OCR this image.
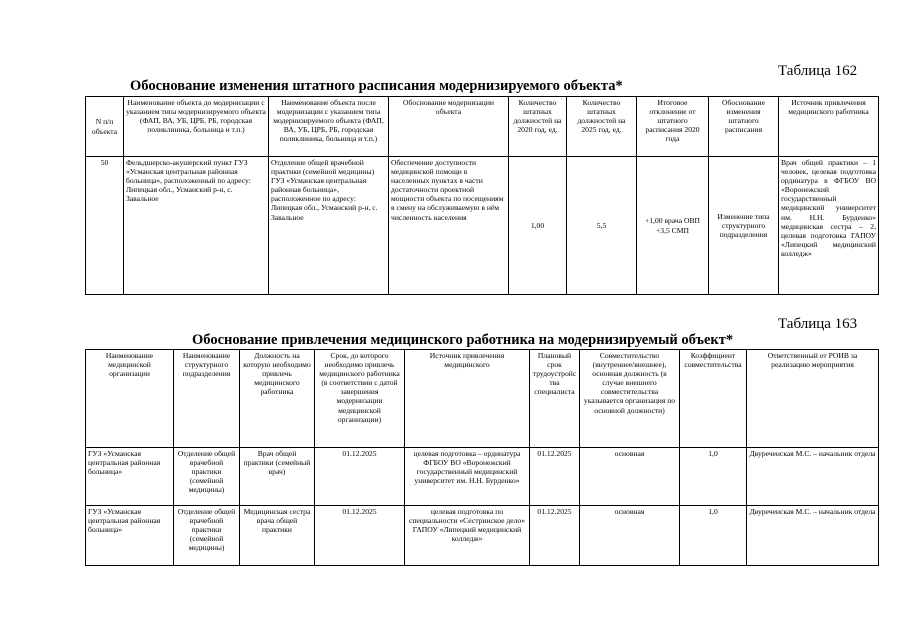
Таблица 162
Обоснование изменения штатного расписания модернизируемого объекта*
N п/п объекта	Наименование объекта до модернизации с указанием типа модернизируемого объекта (ФАП, ВА, УБ, ЦРБ, РБ, городская поликлиника, больница и т.п.)	Наименование объекта после модернизации с указанием типа модернизируемого объекта (ФАП, ВА, УБ, ЦРБ, РБ, городская поликлиника, больница и т.п.)	Обоснование модернизации объекта	Количество штатных должностей на 2020 год, ед.	Количество штатных должностей на 2025 год, ед.	Итоговое отклонение от штатного расписания 2020 года	Обоснование изменения штатного расписания	Источник привлечения медицинского работника
50	Фельдшерско-акушерский пункт ГУЗ «Усманская центральная районная больница», расположенный по адресу: Липецкая обл., Усманский р-н, с. Завальное	Отделение общей врачебной практики (семейной медицины) ГУЗ «Усманская центральная районная больница», расположенное по адресу: Липецкая обл., Усманский р-н, с. Завальное	Обеспечение доступности медицинской помощи в населенных пунктах в части достаточности проектной мощности объекта по посещениям в смену на обслуживаемую в нём численность населения	1,00	5,5	+1,00 врача ОВП +3,5 СМП	Изменение типа структурного подразделения	Врач общей практики – 1 человек, целевая подготовка ординатура в ФГБОУ ВО «Воронежский государственный медицинский университет им. Н.Н. Бурденко» медицинская сестра – 2, целевая подготовка ГАПОУ «Липецкий медицинский колледж»
Таблица 163
Обоснование привлечения медицинского работника на модернизируемый объект*
Наименование медицинской организации	Наименование структурного подразделения	Должность на которую необходимо привлечь медицинского работника	Срок, до которого необходимо привлечь медицинского работника (в соответствии с датой завершения модернизации медицинской организации)	Источник привлечения медицинского	Плановый срок трудоустройства специалиста	Совместительство (внутреннее/внешнее), основная должность (в случае внешнего совместительства указывается организация по основной должности)	Коэффициент совместительства	Ответственный от РОИВ за реализацию мероприятия
ГУЗ «Усманская центральная районная больница»	Отделение общей врачебной практики (семейной медицины)	Врач общей практики (семейный врач)	01.12.2025	целевая подготовка – ординатура ФГБОУ ВО «Воронежский государственный медицинский университет им. Н.Н. Бурденко»	01.12.2025	основная	1,0	Двуреченская М.С. – начальник отдела
ГУЗ «Усманская центральная районная больница»	Отделение общей врачебной практики (семейной медицины)	Медицинская сестра врача общей практики	01.12.2025	целевая подготовка по специальности «Сестринское дело» ГАПОУ «Липецкий медицинский колледж»	01.12.2025	основная	1,0	Двуреченская М.С. – начальник отдела
